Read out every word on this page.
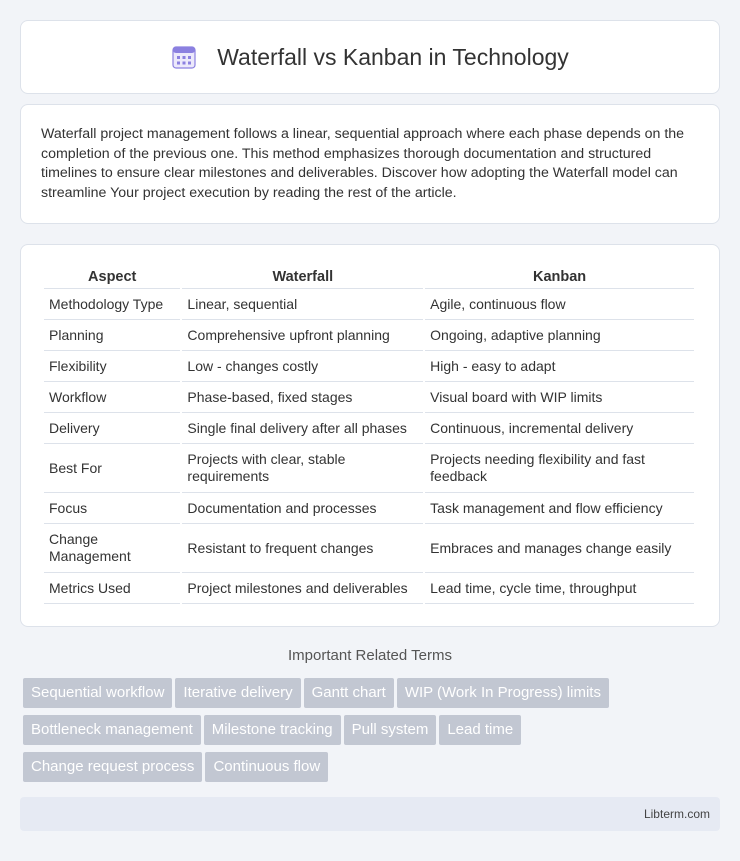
Waterfall vs Kanban in Technology

Waterfall project management follows a linear, sequential approach where each phase depends on the completion of the previous one. This method emphasizes thorough documentation and structured timelines to ensure clear milestones and deliverables. Discover how adopting the Waterfall model can streamline Your project execution by reading the rest of the article.

Aspect	Waterfall	Kanban
Methodology Type	Linear, sequential	Agile, continuous flow
Planning	Comprehensive upfront planning	Ongoing, adaptive planning
Flexibility	Low - changes costly	High - easy to adapt
Workflow	Phase-based, fixed stages	Visual board with WIP limits
Delivery	Single final delivery after all phases	Continuous, incremental delivery
Best For	Projects with clear, stable requirements	Projects needing flexibility and fast feedback
Focus	Documentation and processes	Task management and flow efficiency
Change Management	Resistant to frequent changes	Embraces and manages change easily
Metrics Used	Project milestones and deliverables	Lead time, cycle time, throughput
Important Related Terms
Sequential workflow Iterative delivery Gantt chart WIP (Work In Progress) limits
Bottleneck management Milestone tracking Pull system Lead time
Change request process Continuous flow
Libterm.com
